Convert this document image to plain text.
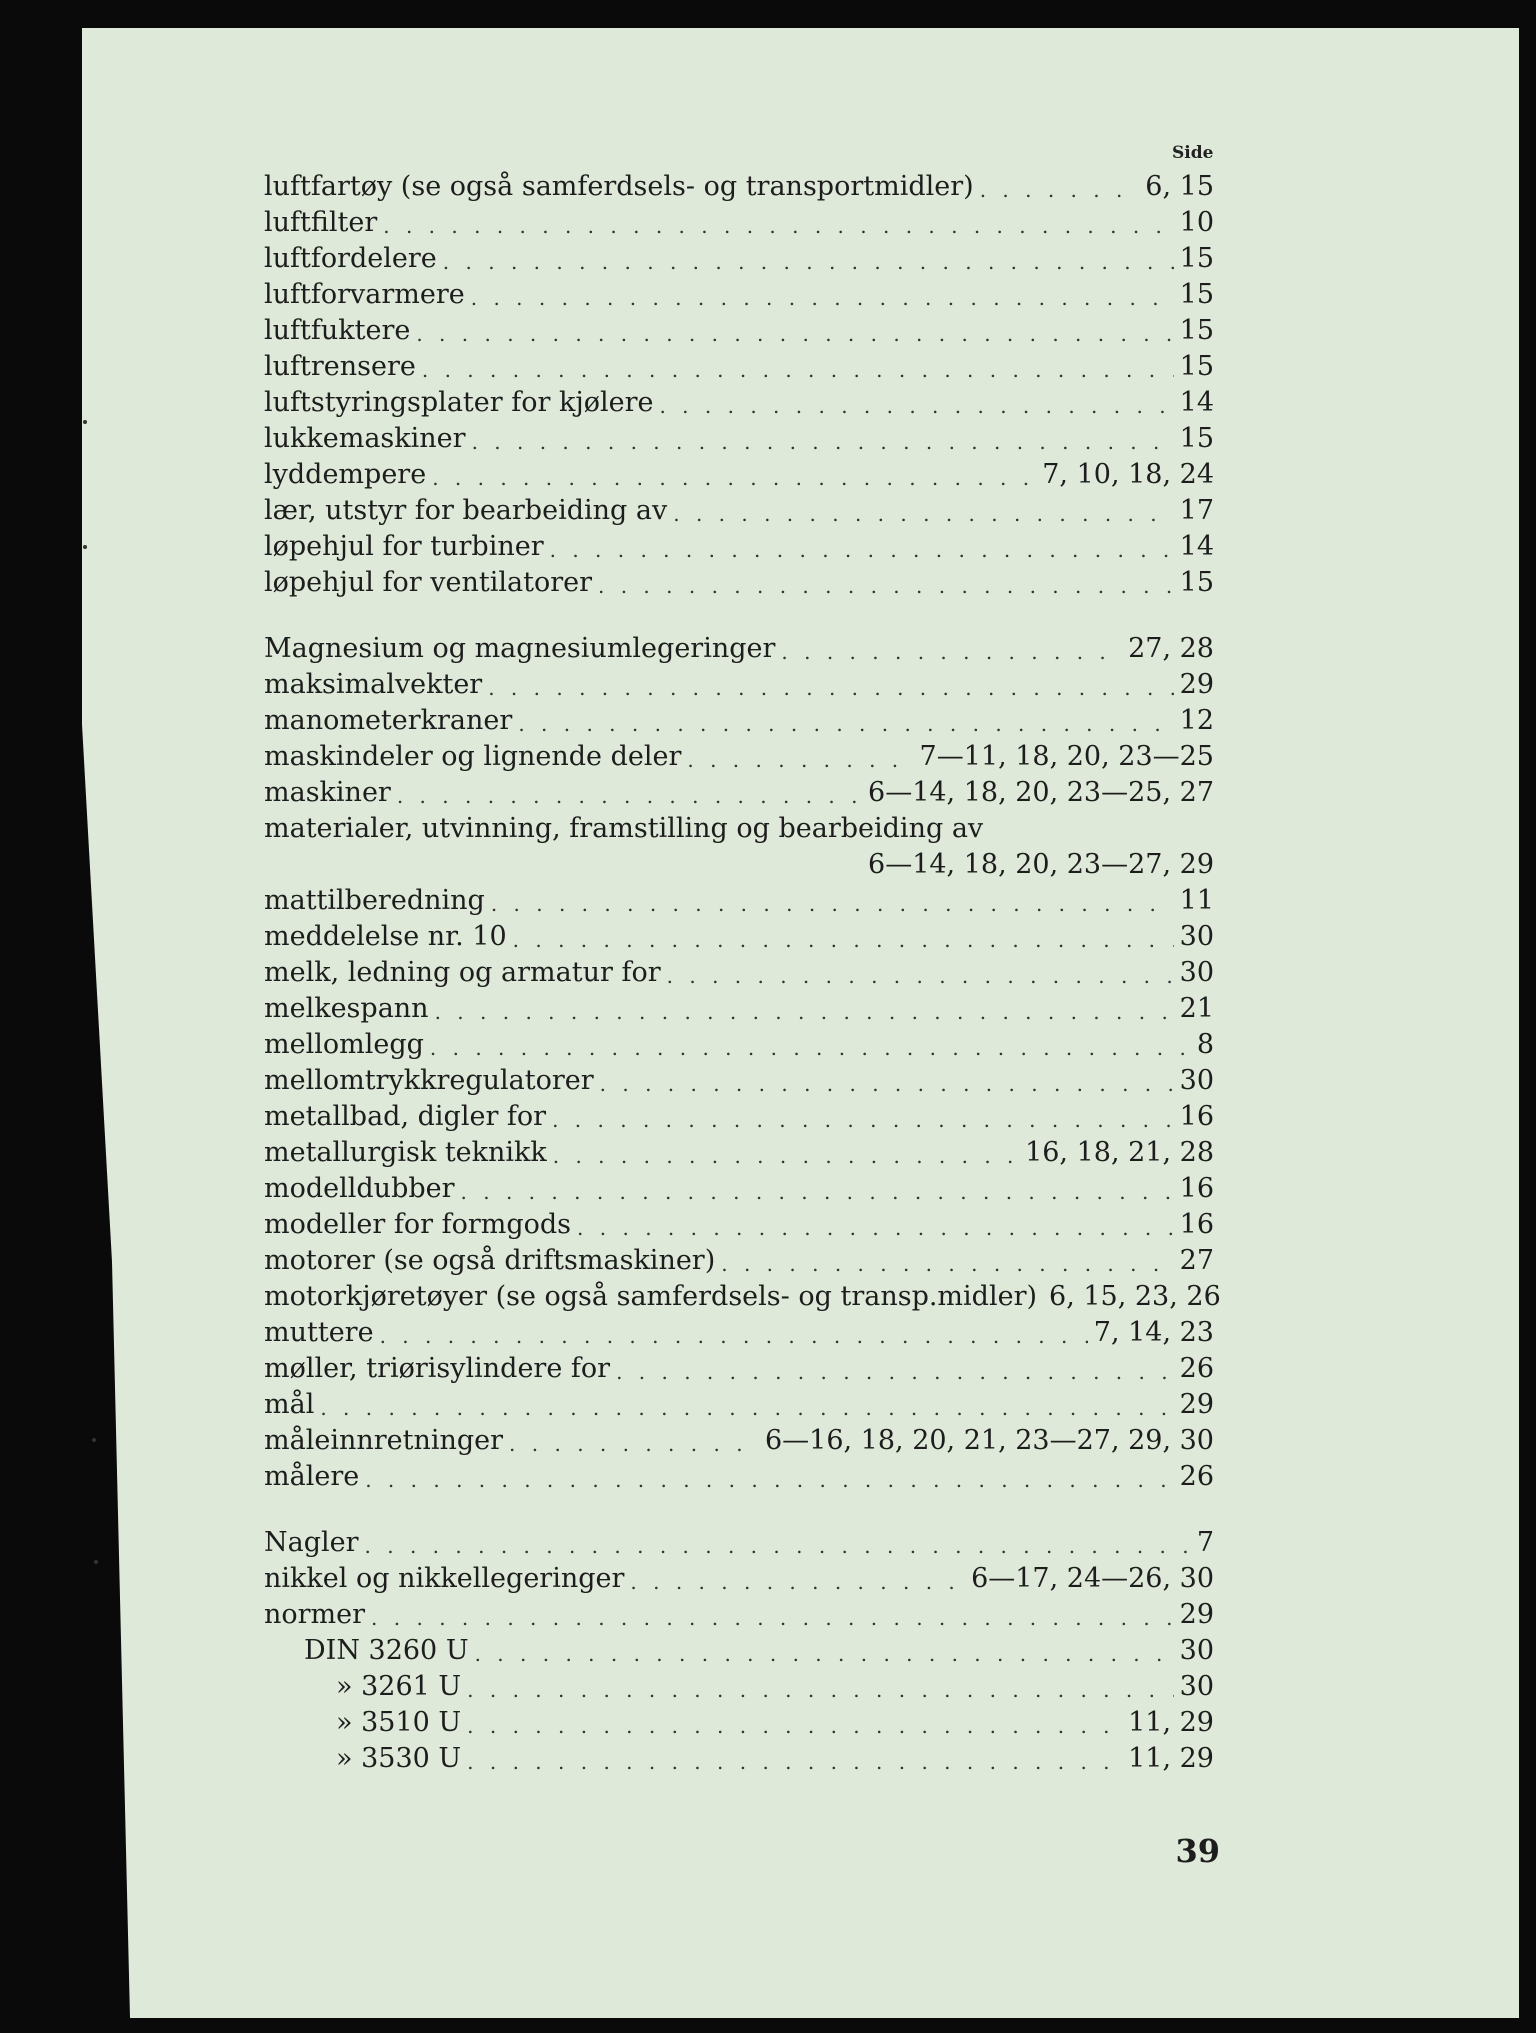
Side
luftfartøy (se også samferdsels- og transportmidler) . . .	6, 15
luftfilter . . .	10
luftfordelere . . .	15
luftforvarmere . . .	15
luftfuktere . . .	15
luftrensere . . .	15
luftstyringsplater for kjølere . . .	14
lukkemaskiner . . .	15
lyddempere . . .	7, 10, 18, 24
lær, utstyr for bearbeiding av . . .	17
løpehjul for turbiner . . .	14
løpehjul for ventilatorer . . .	15
Magnesium og magnesiumlegeringer . . .	27, 28
maksimalvekter . . .	29
manometerkraner . . .	12
maskindeler og lignende deler . . .	7—11, 18, 20, 23—25
maskiner . . .	6—14, 18, 20, 23—25, 27
materialer, utvinning, framstilling og bearbeiding av
6—14, 18, 20, 23—27, 29
mattilberedning . . .	11
meddelelse nr. 10 . . .	30
melk, ledning og armatur for . . .	30
melkespann . . .	21
mellomlegg . . .	8
mellomtrykkregulatorer . . .	30
metallbad, digler for . . .	16
metallurgisk teknikk . . .	16, 18, 21, 28
modelldubber . . .	16
modeller for formgods . . .	16
motorer (se også driftsmaskiner) . . .	27
motorkjøretøyer (se også samferdsels- og transp.midler) 6, 15, 23, 26
muttere . . .	7, 14, 23
møller, triørisylindere for . . .	26
mål . . .	29
måleinnretninger . . .	6—16, 18, 20, 21, 23—27, 29, 30
målere . . .	26
Nagler . . .	7
nikkel og nikkellegeringer . . .	6—17, 24—26, 30
normer . . .	29
DIN 3260 U . . .	30
» 3261 U . . .	30
» 3510 U . . .	11, 29
» 3530 U . . .	11, 29
39
